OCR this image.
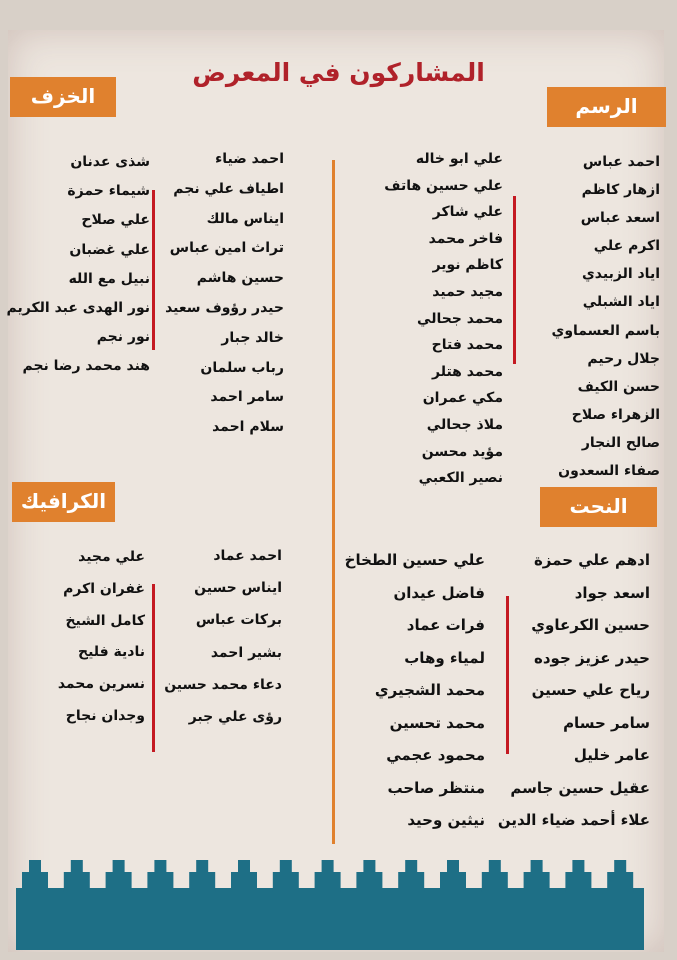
المشاركون في المعرض
الرسم
الخزف
النحت
الكرافيك
احمد عباس
ازهار كاظم
اسعد عباس
اكرم علي
اياد الزبيدي
اياد الشبلي
باسم العسماوي
جلال رحيم
حسن الكيف
الزهراء صلاح
صالح النجار
صفاء السعدون
علي ابو خاله
علي حسين هاتف
علي شاكر
فاخر محمد
كاظم نوير
مجيد حميد
محمد جحالي
محمد فتاح
محمد هتلر
مكي عمران
ملاذ جحالي
مؤيد محسن
نصير الكعبي
احمد ضياء
اطياف علي نجم
ايناس مالك
تراث امين عباس
حسين هاشم
حيدر رؤوف سعيد
خالد جبار
رباب سلمان
سامر احمد
سلام احمد
شذى عدنان
شيماء حمزة
علي صلاح
علي غضبان
نبيل مع الله
نور الهدى عبد الكريم
نور نجم
هند محمد رضا نجم
ادهم علي حمزة
اسعد جواد
حسين الكرعاوي
حيدر عزيز جوده
رياح علي حسين
سامر حسام
عامر خليل
عقيل حسين جاسم
علاء أحمد ضياء الدين
علي حسين الطخاخ
فاضل عيدان
فرات عماد
لمياء وهاب
محمد الشجيري
محمد تحسين
محمود عجمي
منتظر صاحب
نيثين وحيد
احمد عماد
ايناس حسين
بركات عباس
بشير احمد
دعاء محمد حسين
رؤى علي جبر
علي مجيد
غفران اكرم
كامل الشيخ
نادية فليح
نسرين محمد
وجدان نجاح
